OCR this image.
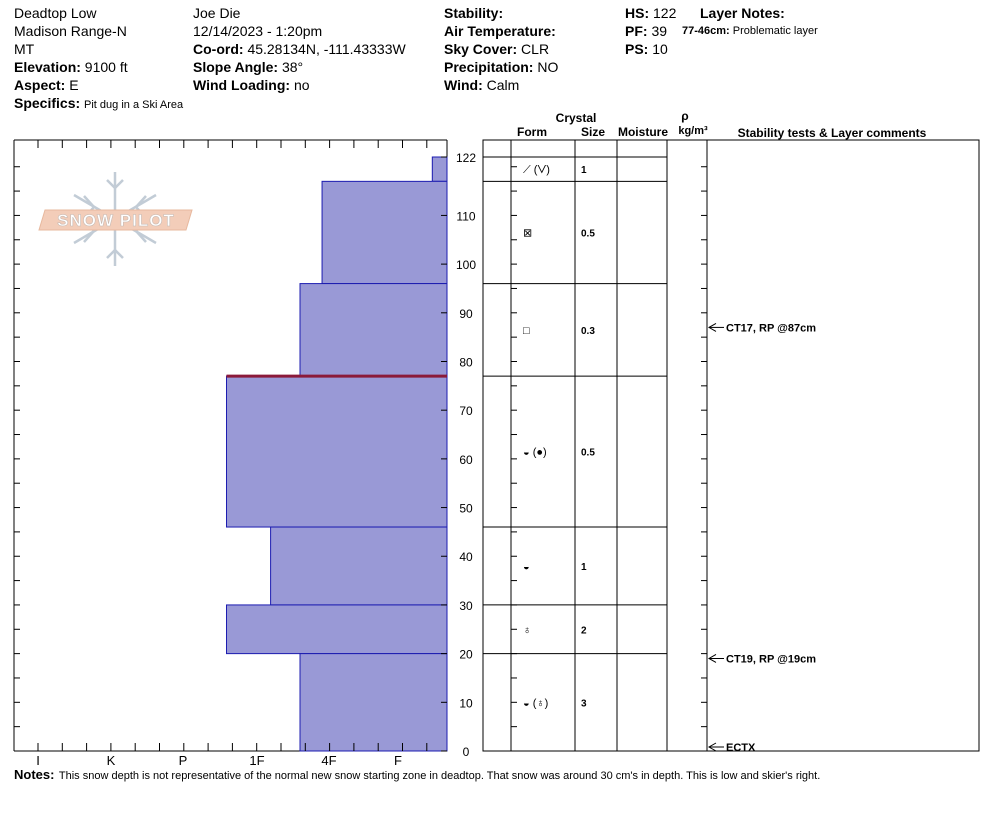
Deadtop Low
Madison Range-N
MT
Elevation: 9100 ft
Aspect: E
Specifics: Pit dug in a Ski Area
Joe Die
12/14/2023 - 1:20pm
Co-ord: 45.28134N, -111.43333W
Slope Angle: 38°
Wind Loading: no
Stability:
Air Temperature:
Sky Cover: CLR
Precipitation: NO
Wind: Calm
HS: 122
PF: 39
PS: 10
Layer Notes:
77-46cm: Problematic layer
SNOW PILOT
0
10
20
30
40
50
60
70
80
90
100
110
122
I	K	P	1F	4F	F
⟋ (⋁)	1
⊠	0.5
□	0.3
◒ (●)	0.5
◒	1
♁	2
◒ (♁)	3
CT17, RP @87cm
CT19, RP @19cm
ECTX
Crystal
Form	Size Moisture
ρ
kg/m³ Stability tests & Layer comments
Notes: This snow depth is not representative of the normal new snow starting zone in deadtop. That snow was around 30 cm's in depth. This is low and skier's right.
